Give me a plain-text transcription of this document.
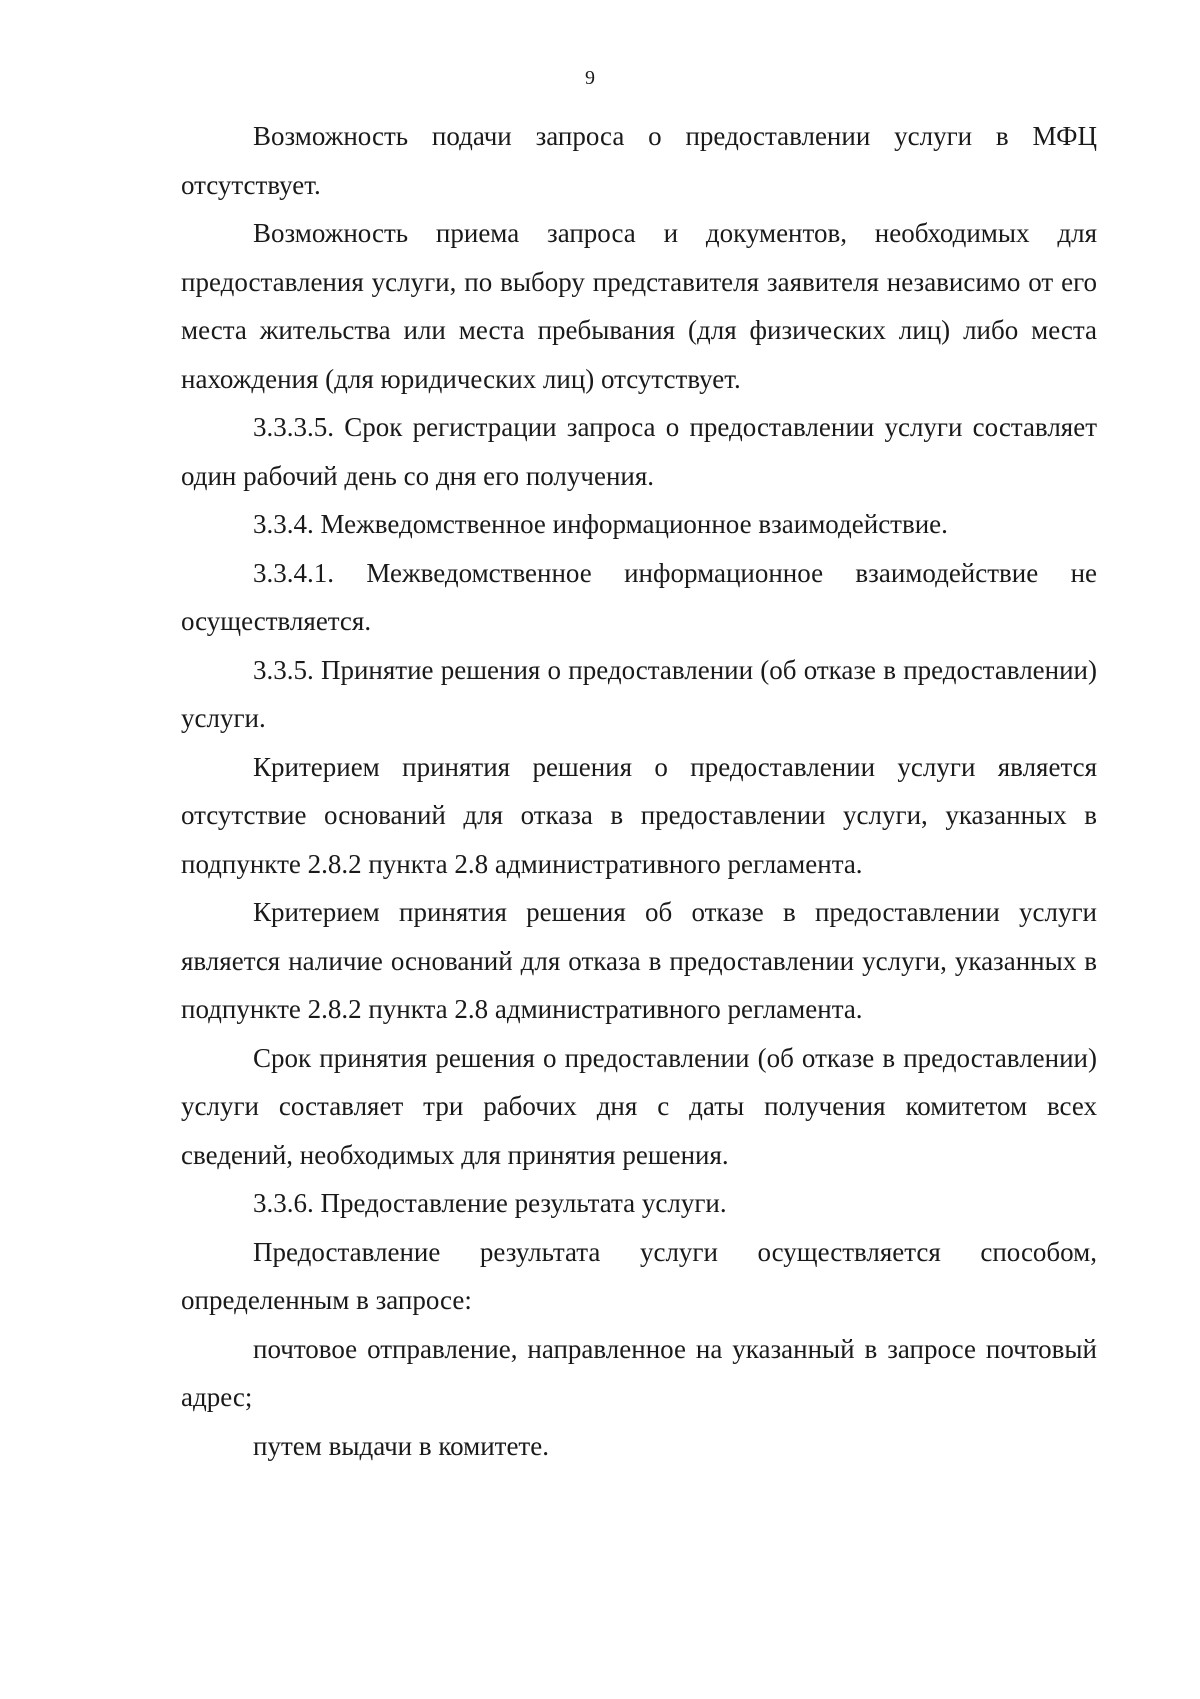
9

Возможность подачи запроса о предоставлении услуги в МФЦ отсутствует.

Возможность приема запроса и документов, необходимых для предоставления услуги, по выбору представителя заявителя независимо от его места жительства или места пребывания (для физических лиц) либо места нахождения (для юридических лиц) отсутствует.

3.3.3.5. Срок регистрации запроса о предоставлении услуги составляет один рабочий день со дня его получения.

3.3.4. Межведомственное информационное взаимодействие.

3.3.4.1. Межведомственное информационное взаимодействие не осуществляется.

3.3.5. Принятие решения о предоставлении (об отказе в предоставлении) услуги.

Критерием принятия решения о предоставлении услуги является отсутствие оснований для отказа в предоставлении услуги, указанных в подпункте 2.8.2 пункта 2.8 административного регламента.

Критерием принятия решения об отказе в предоставлении услуги является наличие оснований для отказа в предоставлении услуги, указанных в подпункте 2.8.2 пункта 2.8 административного регламента.

Срок принятия решения о предоставлении (об отказе в предоставлении) услуги составляет три рабочих дня с даты получения комитетом всех сведений, необходимых для принятия решения.

3.3.6. Предоставление результата услуги.

Предоставление результата услуги осуществляется способом, определенным в запросе:

почтовое отправление, направленное на указанный в запросе почтовый адрес;

путем выдачи в комитете.
